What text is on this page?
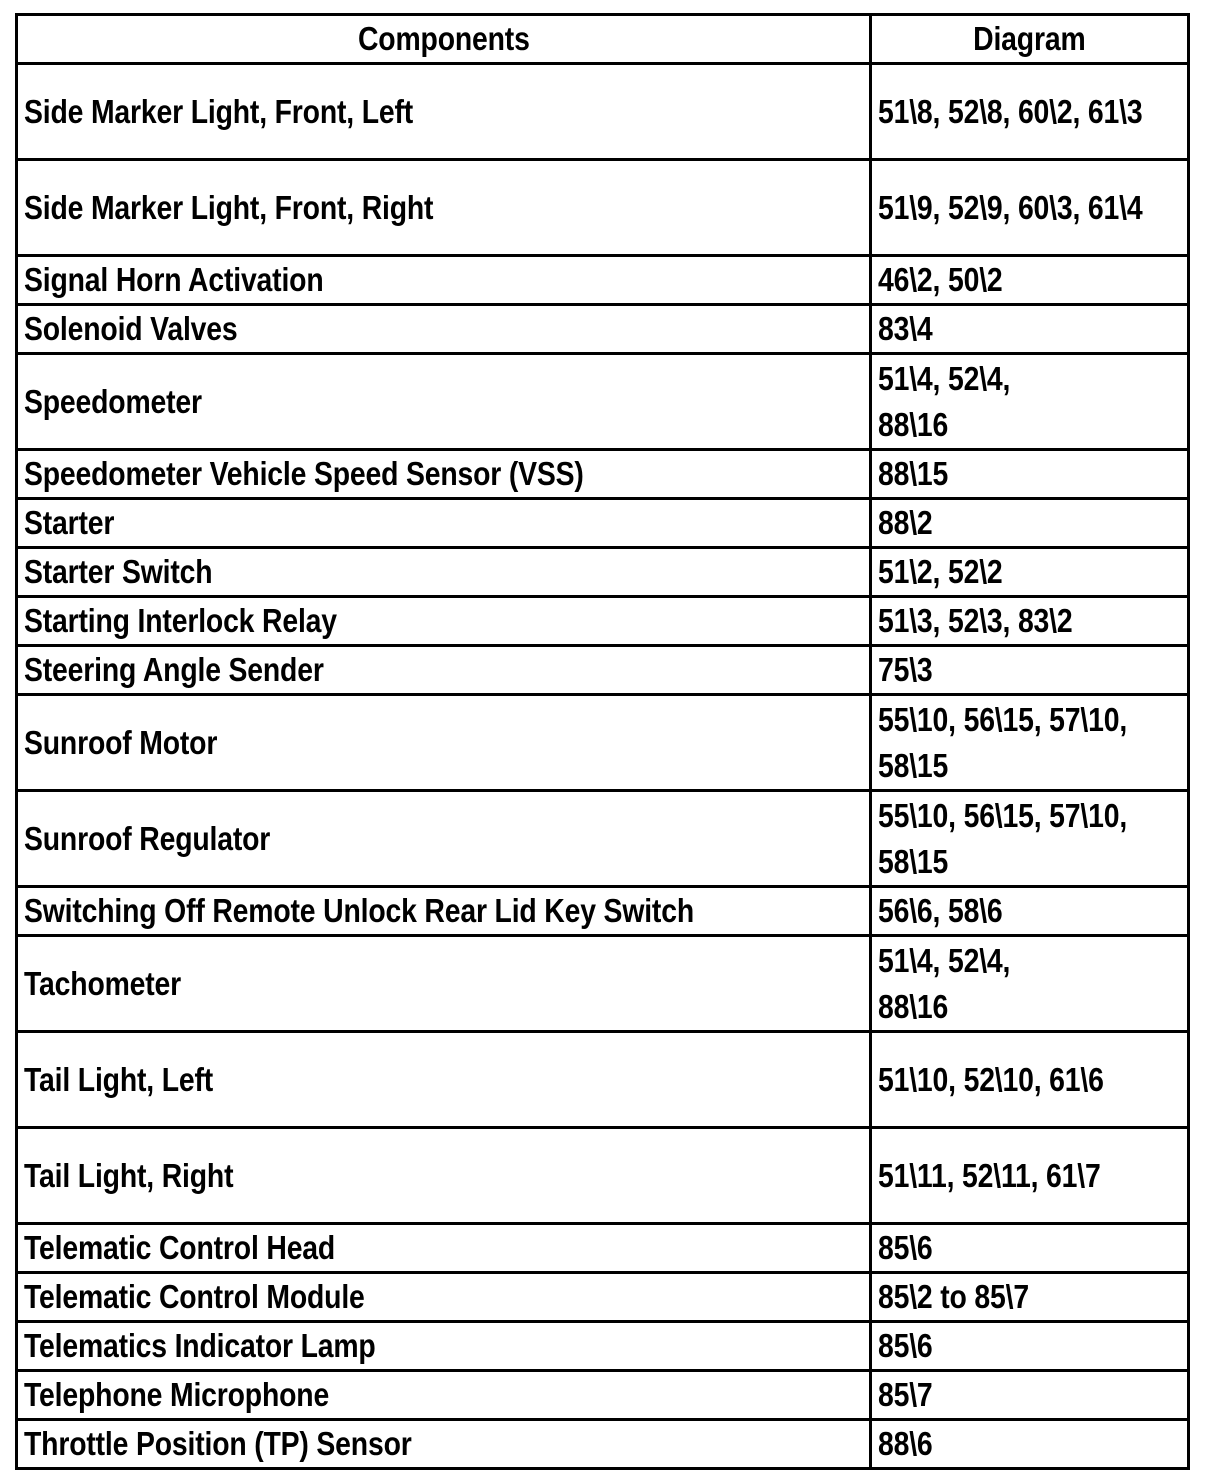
Components	Diagram
Side Marker Light, Front, Left	51\8, 52\8, 60\2, 61\3
Side Marker Light, Front, Right	51\9, 52\9, 60\3, 61\4
Signal Horn Activation	46\2, 50\2
Solenoid Valves	83\4
Speedometer	51\4, 52\4, 88\16
Speedometer Vehicle Speed Sensor (VSS)	88\15
Starter	88\2
Starter Switch	51\2, 52\2
Starting Interlock Relay	51\3, 52\3, 83\2
Steering Angle Sender	75\3
Sunroof Motor	55\10, 56\15, 57\10, 58\15
Sunroof Regulator	55\10, 56\15, 57\10, 58\15
Switching Off Remote Unlock Rear Lid Key Switch	56\6, 58\6
Tachometer	51\4, 52\4, 88\16
Tail Light, Left	51\10, 52\10, 61\6
Tail Light, Right	51\11, 52\11, 61\7
Telematic Control Head	85\6
Telematic Control Module	85\2 to 85\7
Telematics Indicator Lamp	85\6
Telephone Microphone	85\7
Throttle Position (TP) Sensor	88\6
